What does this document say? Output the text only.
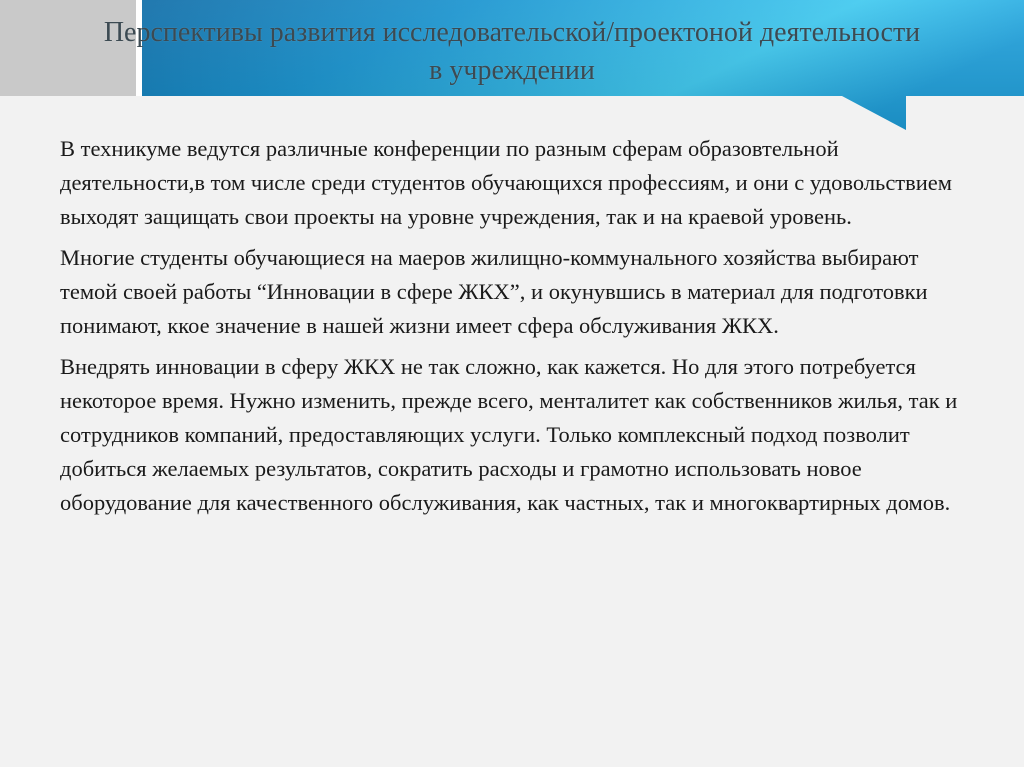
Перспективы развития исследовательской/проектоной деятельности в учреждении

В техникуме ведутся различные конференции по разным сферам образовтельной деятельности,в том числе среди студентов обучающихся профессиям, и они с удовольствием выходят защищать свои проекты на уровне учреждения, так и на краевой уровень.

Многие студенты обучающиеся на маеров жилищно-коммунального хозяйства выбирают темой своей работы “Инновации в сфере ЖКХ”, и окунувшись в материал для подготовки понимают, ккое значение в нашей жизни имеет сфера обслуживания ЖКХ.

Внедрять инновации в сферу ЖКХ не так сложно, как кажется. Но для этого потребуется некоторое время. Нужно изменить, прежде всего, менталитет как собственников жилья, так и сотрудников компаний, предоставляющих услуги. Только комплексный подход позволит добиться желаемых результатов, сократить расходы и грамотно использовать новое оборудование для качественного обслуживания, как частных, так и многоквартирных домов.
